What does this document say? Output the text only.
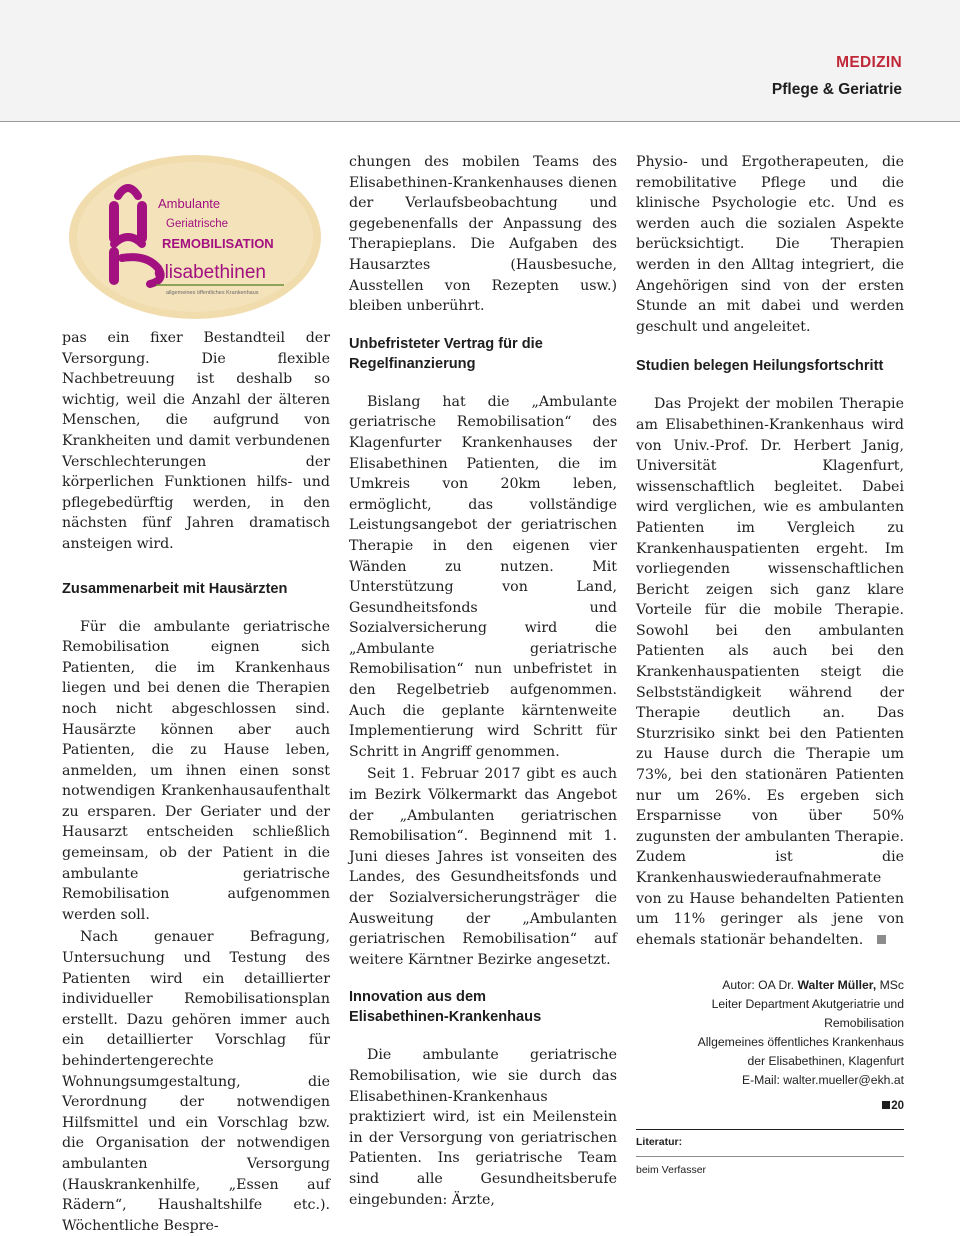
MEDIZIN
Pflege & Geriatrie
Ambulante
Geriatrische
REMOBILISATION
elisabethinen
allgemeines öffentliches Krankenhaus

pas ein fixer Bestandteil der Versorgung. Die flexible Nachbetreuung ist deshalb so wichtig, weil die Anzahl der älteren Menschen, die aufgrund von Krankheiten und damit verbundenen Verschlechterungen der körperlichen Funktionen hilfs- und pflegebedürftig werden, in den nächsten fünf Jahren dramatisch ansteigen wird.

Zusammenarbeit mit Hausärzten

Für die ambulante geriatrische Remobilisation eignen sich Patienten, die im Krankenhaus liegen und bei denen die Therapien noch nicht abgeschlossen sind. Hausärzte können aber auch Patienten, die zu Hause leben, anmelden, um ihnen einen sonst notwendigen Krankenhausaufenthalt zu ersparen. Der Geriater und der Hausarzt entscheiden schließlich gemeinsam, ob der Patient in die ambulante geriatrische Remobilisation aufgenommen werden soll.

Nach genauer Befragung, Untersuchung und Testung des Patienten wird ein detaillierter individueller Remobilisationsplan erstellt. Dazu gehören immer auch ein detaillierter Vorschlag für behindertengerechte Wohnungsumgestaltung, die Verordnung der notwendigen Hilfsmittel und ein Vorschlag bzw. die Organisation der notwendigen ambulanten Versorgung (Hauskrankenhilfe, „Essen auf Rädern“, Haushaltshilfe etc.). Wöchentliche Bespre-

chungen des mobilen Teams des Elisabethinen-Krankenhauses dienen der Verlaufsbeobachtung und gegebenenfalls der Anpassung des Therapieplans. Die Aufgaben des Hausarztes (Hausbesuche, Ausstellen von Rezepten usw.) bleiben unberührt.

Unbefristeter Vertrag für die Regelfinanzierung

Bislang hat die „Ambulante geriatrische Remobilisation“ des Klagenfurter Krankenhauses der Elisabethinen Patienten, die im Umkreis von 20km leben, ermöglicht, das vollständige Leistungsangebot der geriatrischen Therapie in den eigenen vier Wänden zu nutzen. Mit Unterstützung von Land, Gesundheitsfonds und Sozialversicherung wird die „Ambulante geriatrische Remobilisation“ nun unbefristet in den Regelbetrieb aufgenommen. Auch die geplante kärntenweite Implementierung wird Schritt für Schritt in Angriff genommen.

Seit 1. Februar 2017 gibt es auch im Bezirk Völkermarkt das Angebot der „Ambulanten geriatrischen Remobilisation“. Beginnend mit 1. Juni dieses Jahres ist vonseiten des Landes, des Gesundheitsfonds und der Sozialversicherungsträger die Ausweitung der „Ambulanten geriatrischen Remobilisation“ auf weitere Kärntner Bezirke angesetzt.

Innovation aus dem Elisabethinen-Krankenhaus

Die ambulante geriatrische Remobilisation, wie sie durch das Elisabethinen-Krankenhaus praktiziert wird, ist ein Meilenstein in der Versorgung von geriatrischen Patienten. Ins geriatrische Team sind alle Gesundheitsberufe eingebunden: Ärzte,

Physio- und Ergotherapeuten, die remobilitative Pflege und die klinische Psychologie etc. Und es werden auch die sozialen Aspekte berücksichtigt. Die Therapien werden in den Alltag integriert, die Angehörigen sind von der ersten Stunde an mit dabei und werden geschult und angeleitet.

Studien belegen Heilungsfortschritt

Das Projekt der mobilen Therapie am Elisabethinen-Krankenhaus wird von Univ.-Prof. Dr. Herbert Janig, Universität Klagenfurt, wissenschaftlich begleitet. Dabei wird verglichen, wie es ambulanten Patienten im Vergleich zu Krankenhauspatienten ergeht. Im vorliegenden wissenschaftlichen Bericht zeigen sich ganz klare Vorteile für die mobile Therapie. Sowohl bei den ambulanten Patienten als auch bei den Krankenhauspatienten steigt die Selbstständigkeit während der Therapie deutlich an. Das Sturzrisiko sinkt bei den Patienten zu Hause durch die Therapie um 73%, bei den stationären Patienten nur um 26%. Es ergeben sich Ersparnisse von über 50% zugunsten der ambulanten Therapie. Zudem ist die Krankenhauswiederaufnahmerate von zu Hause behandelten Patienten um 11% geringer als jene von ehemals stationär behandelten.

Autor: OA Dr. Walter Müller, MSc
Leiter Department Akutgeriatrie und
Remobilisation
Allgemeines öffentliches Krankenhaus
der Elisabethinen, Klagenfurt
E-Mail: walter.mueller@ekh.at
20
Literatur:
beim Verfasser
